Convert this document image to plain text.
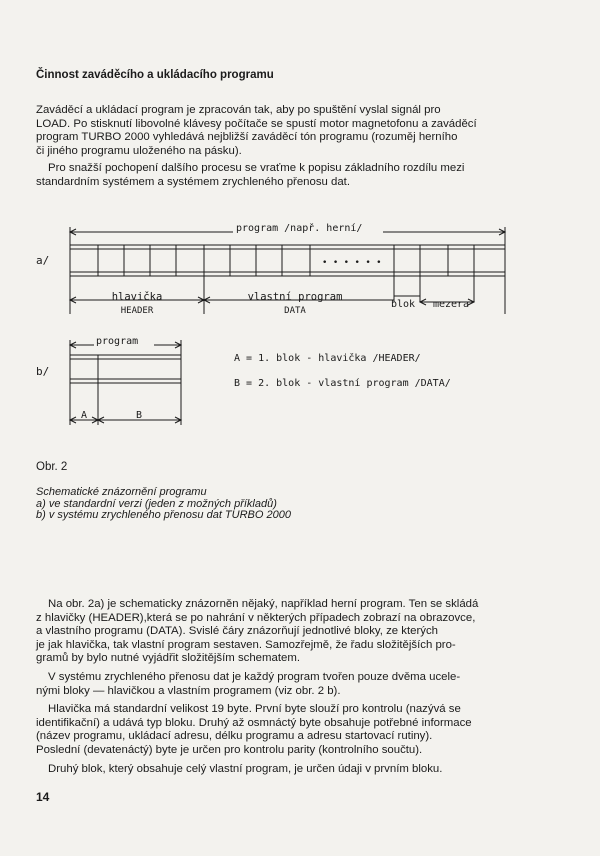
Činnost zaváděcího a ukládacího programu
Zaváděcí a ukládací program je zpracován tak, aby po spuštění vyslal signál pro
LOAD. Po stisknutí libovolné klávesy počítače se spustí motor magnetofonu a zaváděcí
program TURBO 2000 vyhledává nejbližší zaváděcí tón programu (rozuměj herního
či jiného programu uloženého na pásku).
Pro snažší pochopení dalšího procesu se vraťme k popisu základního rozdílu mezi
standardním systémem a systémem zrychleného přenosu dat.
a/
b/
program /např. herní/
• • • • • •
hlavička
HEADER
vlastní program
DATA
blok mezera
program
A	B
A = 1. blok - hlavička /HEADER/
B = 2. blok - vlastní program /DATA/
Obr. 2
Schematické znázornění programu
a) ve standardní verzi (jeden z možných příkladů)
b) v systému zrychleného přenosu dat TURBO 2000
Na obr. 2a) je schematicky znázorněn nějaký, například herní program. Ten se skládá
z hlavičky (HEADER),která se po nahrání v některých případech zobrazí na obrazovce,
a vlastního programu (DATA). Svislé čáry znázorňují jednotlivé bloky, ze kterých
je jak hlavička, tak vlastní program sestaven. Samozřejmě, že řadu složitějších pro-
gramů by bylo nutné vyjádřit složitějším schematem.
V systému zrychleného přenosu dat je každý program tvořen pouze dvěma ucele-
nými bloky — hlavičkou a vlastním programem (viz obr. 2 b).
Hlavička má standardní velikost 19 byte. První byte slouží pro kontrolu (nazývá se
identifikační) a udává typ bloku. Druhý až osmnáctý byte obsahuje potřebné informace
(název programu, ukládací adresu, délku programu a adresu startovací rutiny).
Poslední (devatenáctý) byte je určen pro kontrolu parity (kontrolního součtu).
Druhý blok, který obsahuje celý vlastní program, je určen údaji v prvním bloku.
14
